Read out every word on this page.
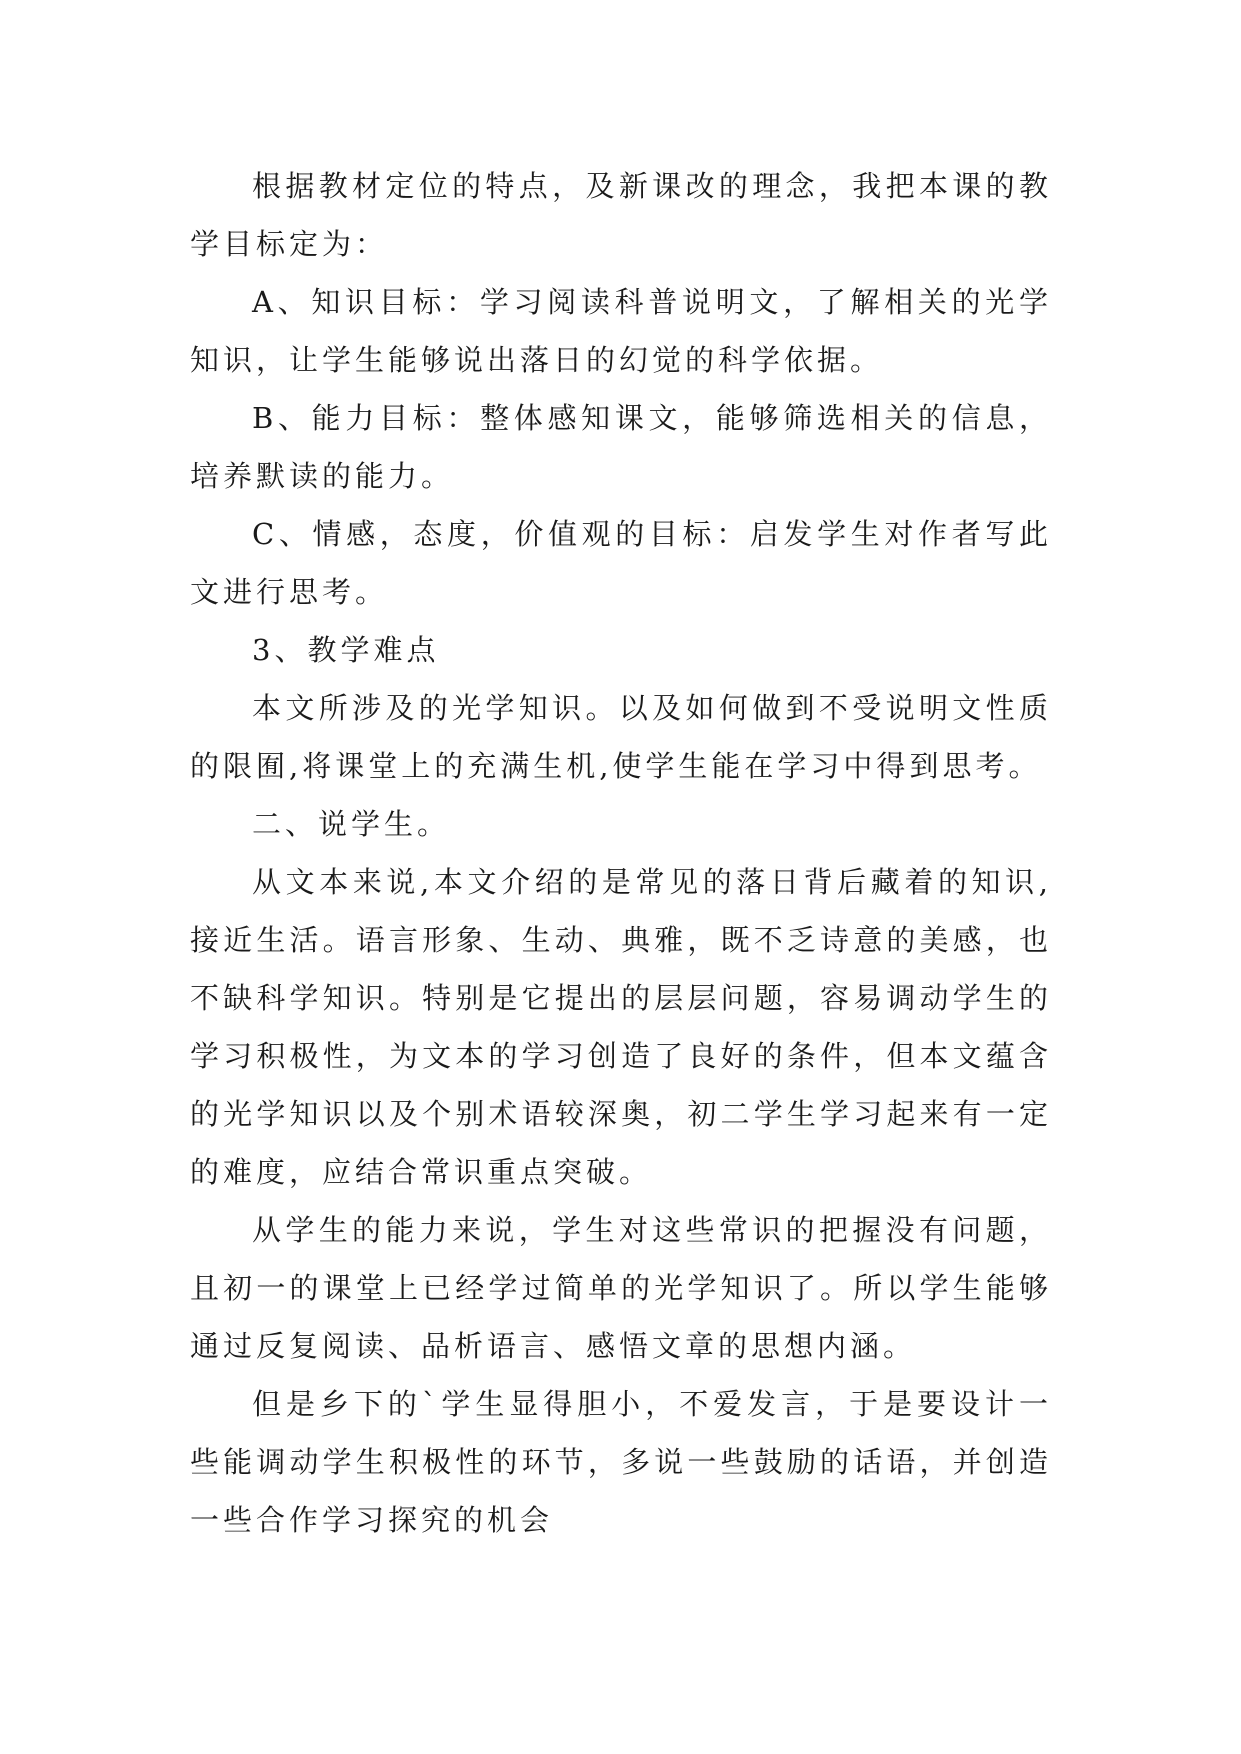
根据教材定位的特点，及新课改的理念，我把本课的教学目标定为：

A、知识目标：学习阅读科普说明文，了解相关的光学知识，让学生能够说出落日的幻觉的科学依据。

B、能力目标：整体感知课文，能够筛选相关的信息，培养默读的能力。

C、情感，态度，价值观的目标：启发学生对作者写此文进行思考。

3、教学难点

本文所涉及的光学知识。以及如何做到不受说明文性质的限囿,将课堂上的充满生机,使学生能在学习中得到思考。

二、说学生。

从文本来说,本文介绍的是常见的落日背后藏着的知识,接近生活。语言形象、生动、典雅，既不乏诗意的美感，也不缺科学知识。特别是它提出的层层问题，容易调动学生的学习积极性，为文本的学习创造了良好的条件，但本文蕴含的光学知识以及个别术语较深奥，初二学生学习起来有一定的难度，应结合常识重点突破。

从学生的能力来说，学生对这些常识的把握没有问题，且初一的课堂上已经学过简单的光学知识了。所以学生能够通过反复阅读、品析语言、感悟文章的思想内涵。

但是乡下的`学生显得胆小，不爱发言，于是要设计一些能调动学生积极性的环节，多说一些鼓励的话语，并创造一些合作学习探究的机会
